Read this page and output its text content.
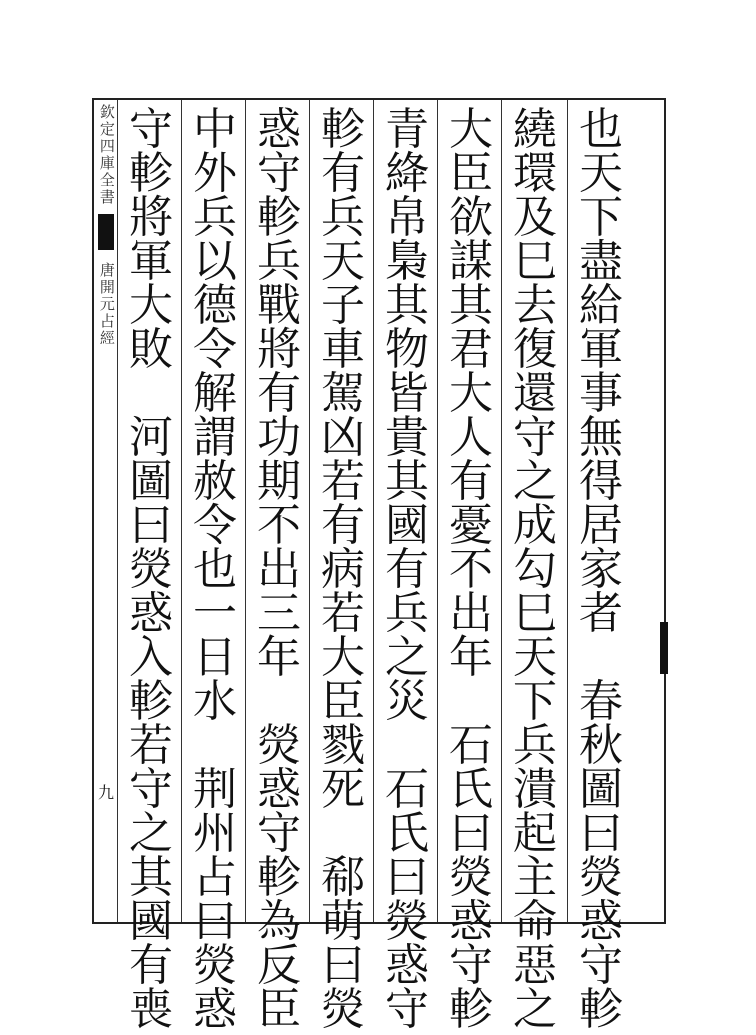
欽定四庫全書
唐開元占經
九
也
天
下
盡
給
軍
事
無
得
居
家
者

春
秋
圖
曰
熒
惑
守
軫
繞
環
及
巳
去
復
還
守
之
成
勾
巳
天
下
兵
潰
起
主
命
惡
之
大
臣
欲
謀
其
君
大
人
有
憂
不
出
年

石
氏
曰
熒
惑
守
軫
青
絳
帛
梟
其
物
皆
貴
其
國
有
兵
之
災

石
氏
曰
熒
惑
守
軫
有
兵
天
子
車
駕
凶
若
有
病
若
大
臣
戮
死

郗
萌
曰
熒
惑
守
軫
兵
戰
將
有
功
期
不
出
三
年

熒
惑
守
軫
為
反
臣
中
外
兵
以
德
令
解
謂
赦
令
也
一
日
水

荆
州
占
曰
熒
惑
守
軫
將
軍
大
敗

河
圖
曰
熒
惑
入
軫
若
守
之
其
國
有
喪
